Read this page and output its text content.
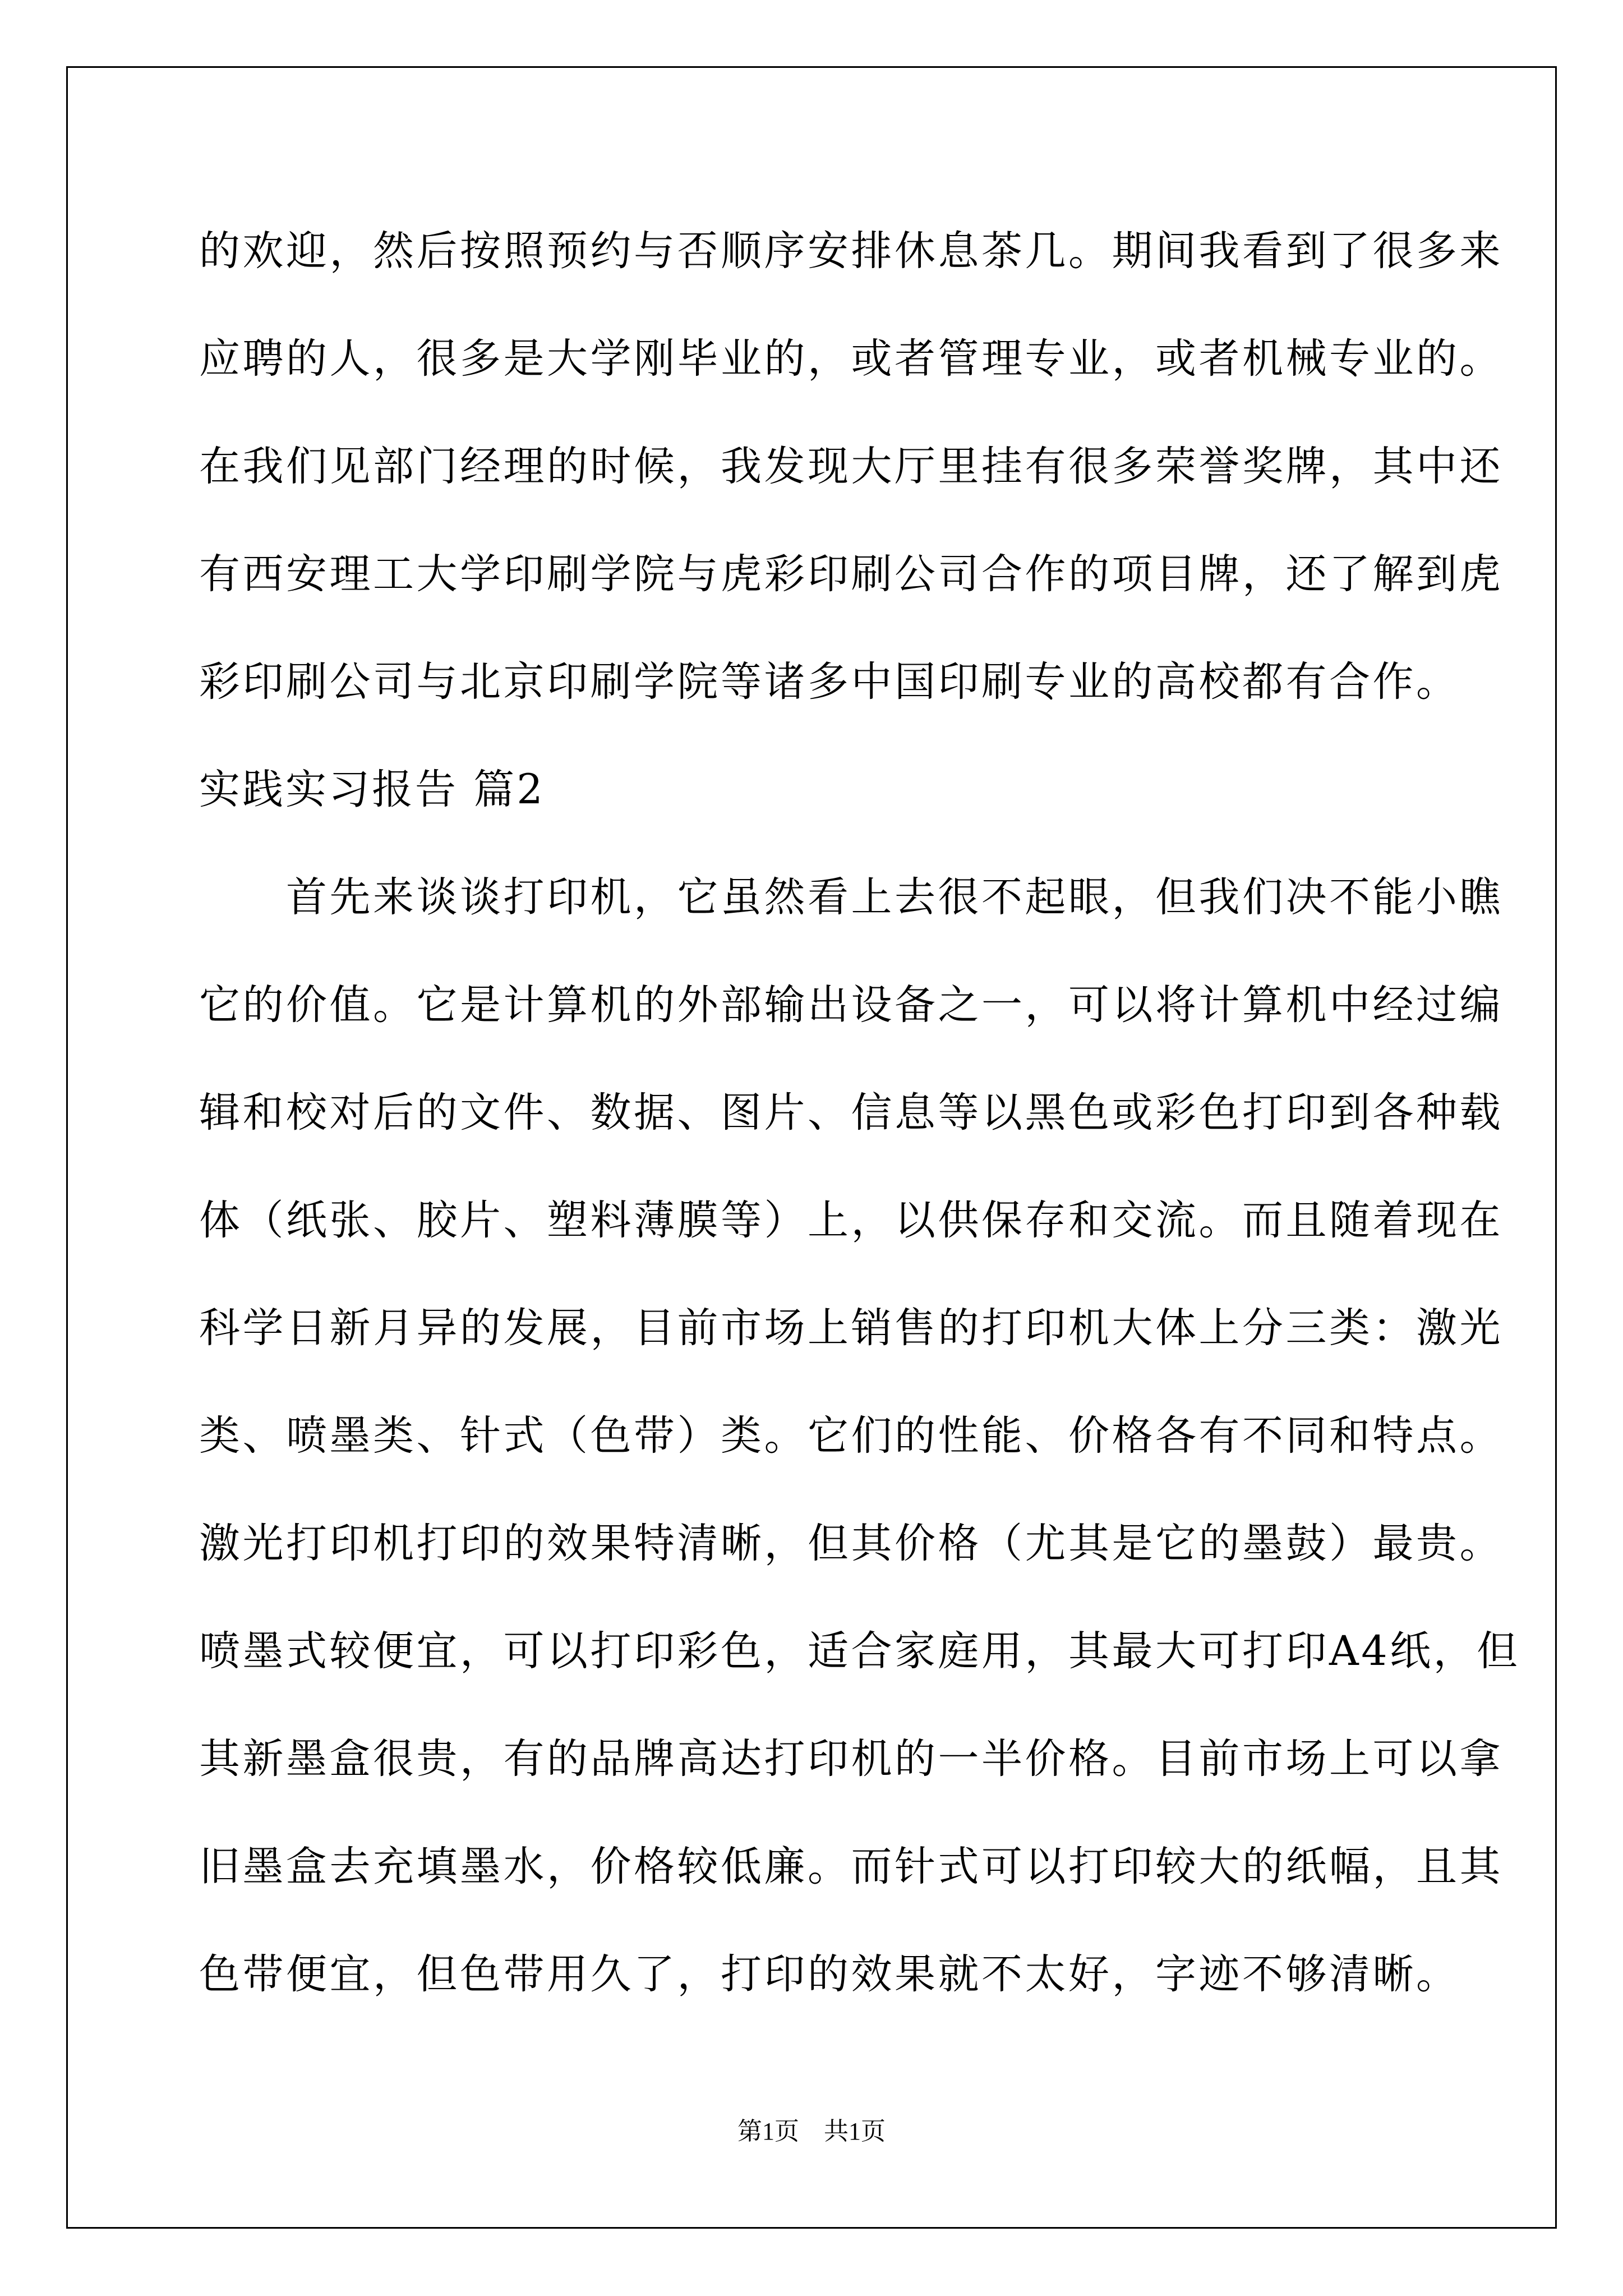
的欢迎，然后按照预约与否顺序安排休息茶几。期间我看到了很多来
应聘的人，很多是大学刚毕业的，或者管理专业，或者机械专业的。
在我们见部门经理的时候，我发现大厅里挂有很多荣誉奖牌，其中还
有西安理工大学印刷学院与虎彩印刷公司合作的项目牌，还了解到虎
彩印刷公司与北京印刷学院等诸多中国印刷专业的高校都有合作。
实践实习报告 篇2
　　首先来谈谈打印机，它虽然看上去很不起眼，但我们决不能小瞧
它的价值。它是计算机的外部输出设备之一，可以将计算机中经过编
辑和校对后的文件、数据、图片、信息等以黑色或彩色打印到各种载
体（纸张、胶片、塑料薄膜等）上，以供保存和交流。而且随着现在
科学日新月异的发展，目前市场上销售的打印机大体上分三类：激光
类、喷墨类、针式（色带）类。它们的性能、价格各有不同和特点。
激光打印机打印的效果特清晰，但其价格（尤其是它的墨鼓）最贵。
喷墨式较便宜，可以打印彩色，适合家庭用，其最大可打印A4纸，但
其新墨盒很贵，有的品牌高达打印机的一半价格。目前市场上可以拿
旧墨盒去充填墨水，价格较低廉。而针式可以打印较大的纸幅，且其
色带便宜，但色带用久了，打印的效果就不太好，字迹不够清晰。
第1页　共1页
